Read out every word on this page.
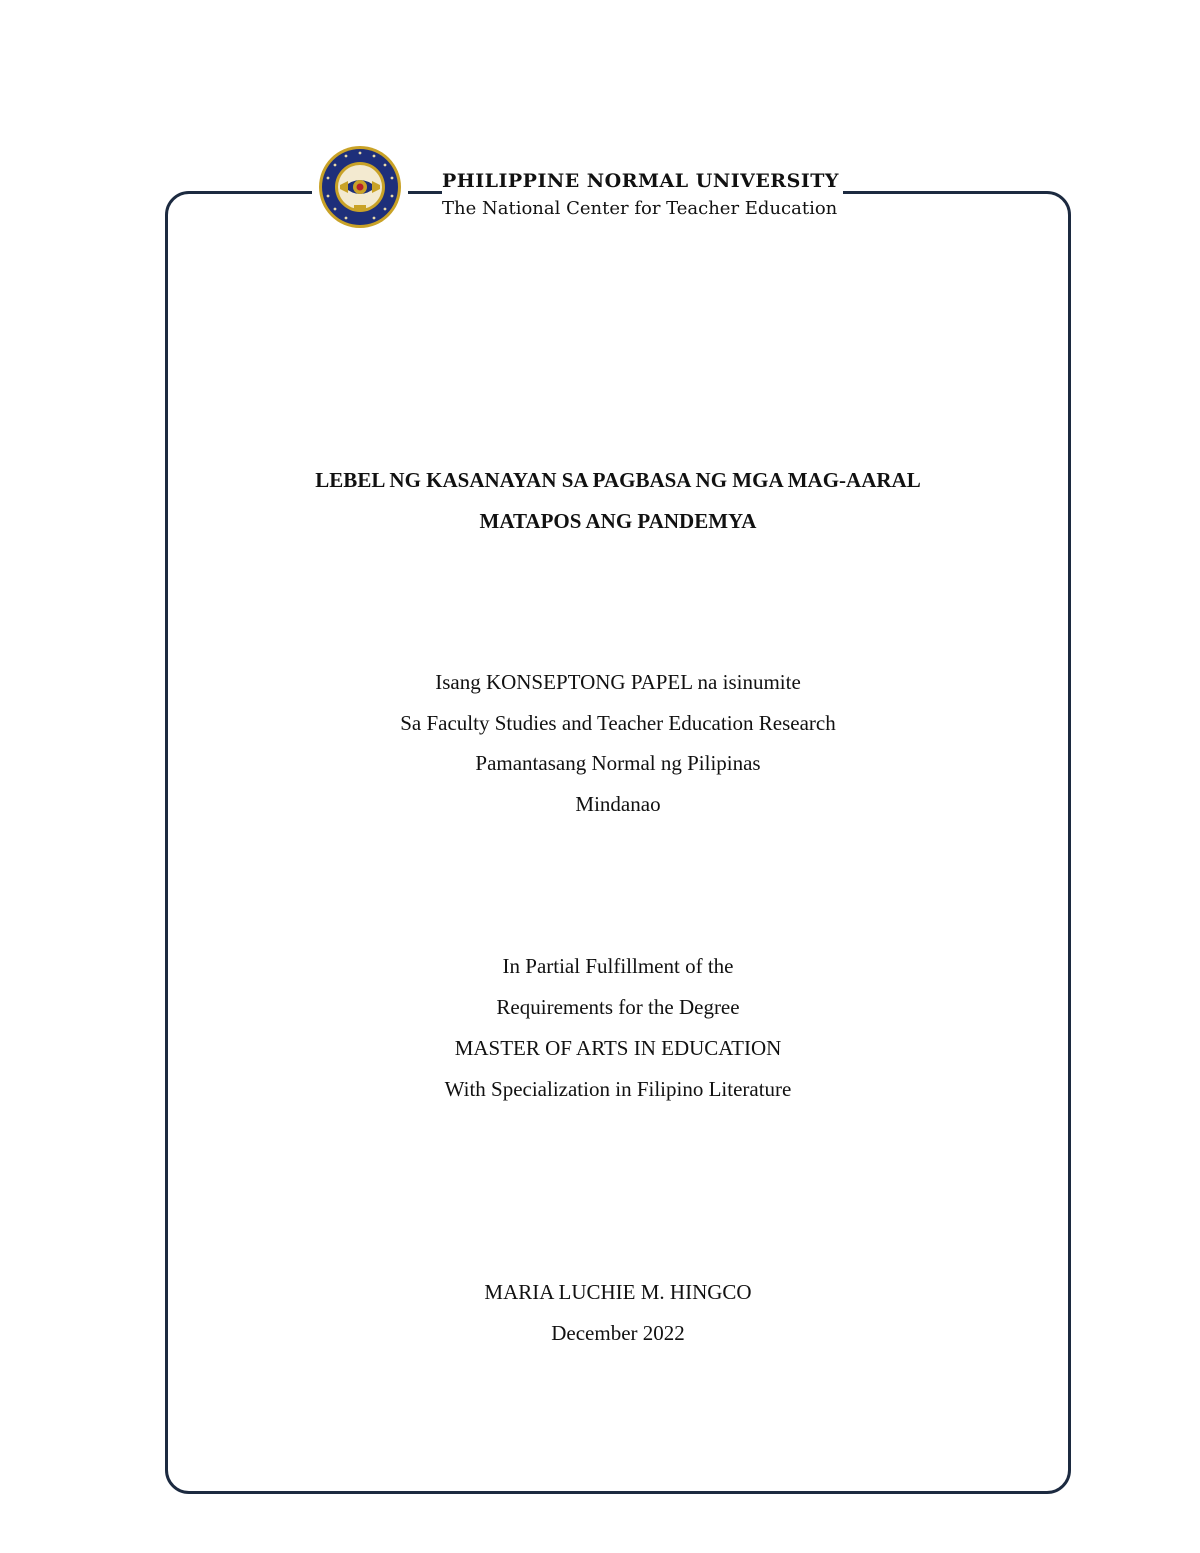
PHILIPPINE NORMAL UNIVERSITY
The National Center for Teacher Education
LEBEL NG KASANAYAN SA PAGBASA NG MGA MAG-AARAL
MATAPOS ANG PANDEMYA
Isang KONSEPTONG PAPEL na isinumite
Sa Faculty Studies and Teacher Education Research
Pamantasang Normal ng Pilipinas
Mindanao
In Partial Fulfillment of the
Requirements for the Degree
MASTER OF ARTS IN EDUCATION
With Specialization in Filipino Literature
MARIA LUCHIE M. HINGCO
December 2022
